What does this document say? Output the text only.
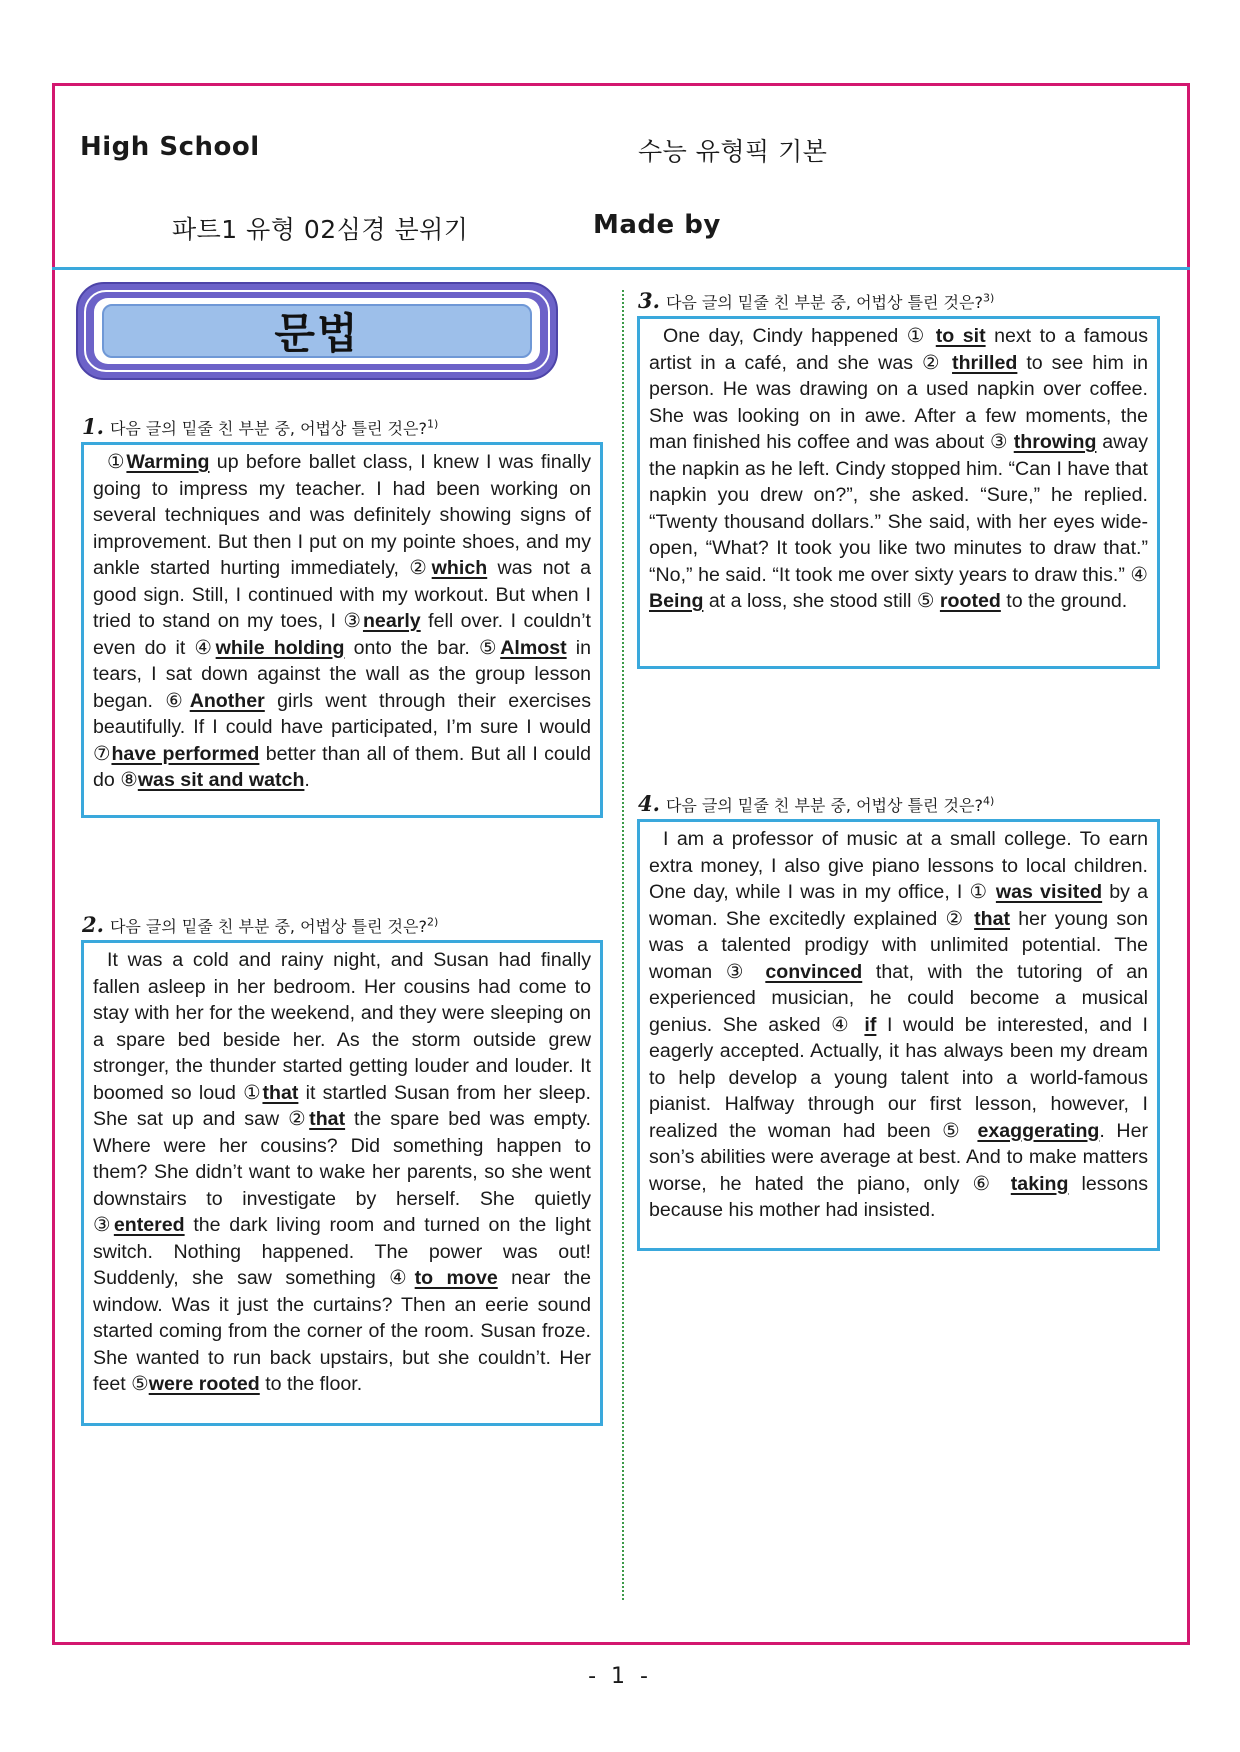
High School	수능 유형픽 기본
파트1 유형 02심경 분위기	Made by
문법
1. 다음 글의 밑줄 친 부분 중, 어법상 틀린 것은?$^{1)}$
①Warming up before ballet class, I knew I was finally going to impress my teacher. I had been working on several techniques and was definitely showing signs of improvement. But then I put on my pointe shoes, and my ankle started hurting immediately, ②which was not a good sign. Still, I continued with my workout. But when I tried to stand on my toes, I ③nearly fell over. I couldn’t even do it ④while holding onto the bar. ⑤Almost in tears, I sat down against the wall as the group lesson began. ⑥Another girls went through their exercises beautifully. If I could have participated, I’m sure I would ⑦have performed better than all of them. But all I could do ⑧was sit and watch.
2. 다음 글의 밑줄 친 부분 중, 어법상 틀린 것은?$^{2)}$
It was a cold and rainy night, and Susan had finally fallen asleep in her bedroom. Her cousins had come to stay with her for the weekend, and they were sleeping on a spare bed beside her. As the storm outside grew stronger, the thunder started getting louder and louder. It boomed so loud ①that it startled Susan from her sleep. She sat up and saw ②that the spare bed was empty. Where were her cousins? Did something happen to them? She didn’t want to wake her parents, so she went downstairs to investigate by herself. She quietly ③entered the dark living room and turned on the light switch. Nothing happened. The power was out! Suddenly, she saw something ④to move near the window. Was it just the curtains? Then an eerie sound started coming from the corner of the room. Susan froze. She wanted to run back upstairs, but she couldn’t. Her feet ⑤were rooted to the floor.
3. 다음 글의 밑줄 친 부분 중, 어법상 틀린 것은?$^{3)}$
One day, Cindy happened ① to sit next to a famous artist in a café, and she was ② thrilled to see him in person. He was drawing on a used napkin over coffee. She was looking on in awe. After a few moments, the man finished his coffee and was about ③ throwing away the napkin as he left. Cindy stopped him. “Can I have that napkin you drew on?”, she asked. “Sure,” he replied. “Twenty thousand dollars.” She said, with her eyes wide-open, “What? It took you like two minutes to draw that.” “No,” he said. “It took me over sixty years to draw this.” ④ Being at a loss, she stood still ⑤ rooted to the ground.
4. 다음 글의 밑줄 친 부분 중, 어법상 틀린 것은?$^{4)}$
I am a professor of music at a small college. To earn extra money, I also give piano lessons to local children. One day, while I was in my office, I ① was visited by a woman. She excitedly explained ② that her young son was a talented prodigy with unlimited potential. The woman ③ convinced that, with the tutoring of an experienced musician, he could become a musical genius. She asked ④ if I would be interested, and I eagerly accepted. Actually, it has always been my dream to help develop a young talent into a world-famous pianist. Halfway through our first lesson, however, I realized the woman had been ⑤ exaggerating. Her son’s abilities were average at best. And to make matters worse, he hated the piano, only ⑥ taking lessons because his mother had insisted.
- 1 -
